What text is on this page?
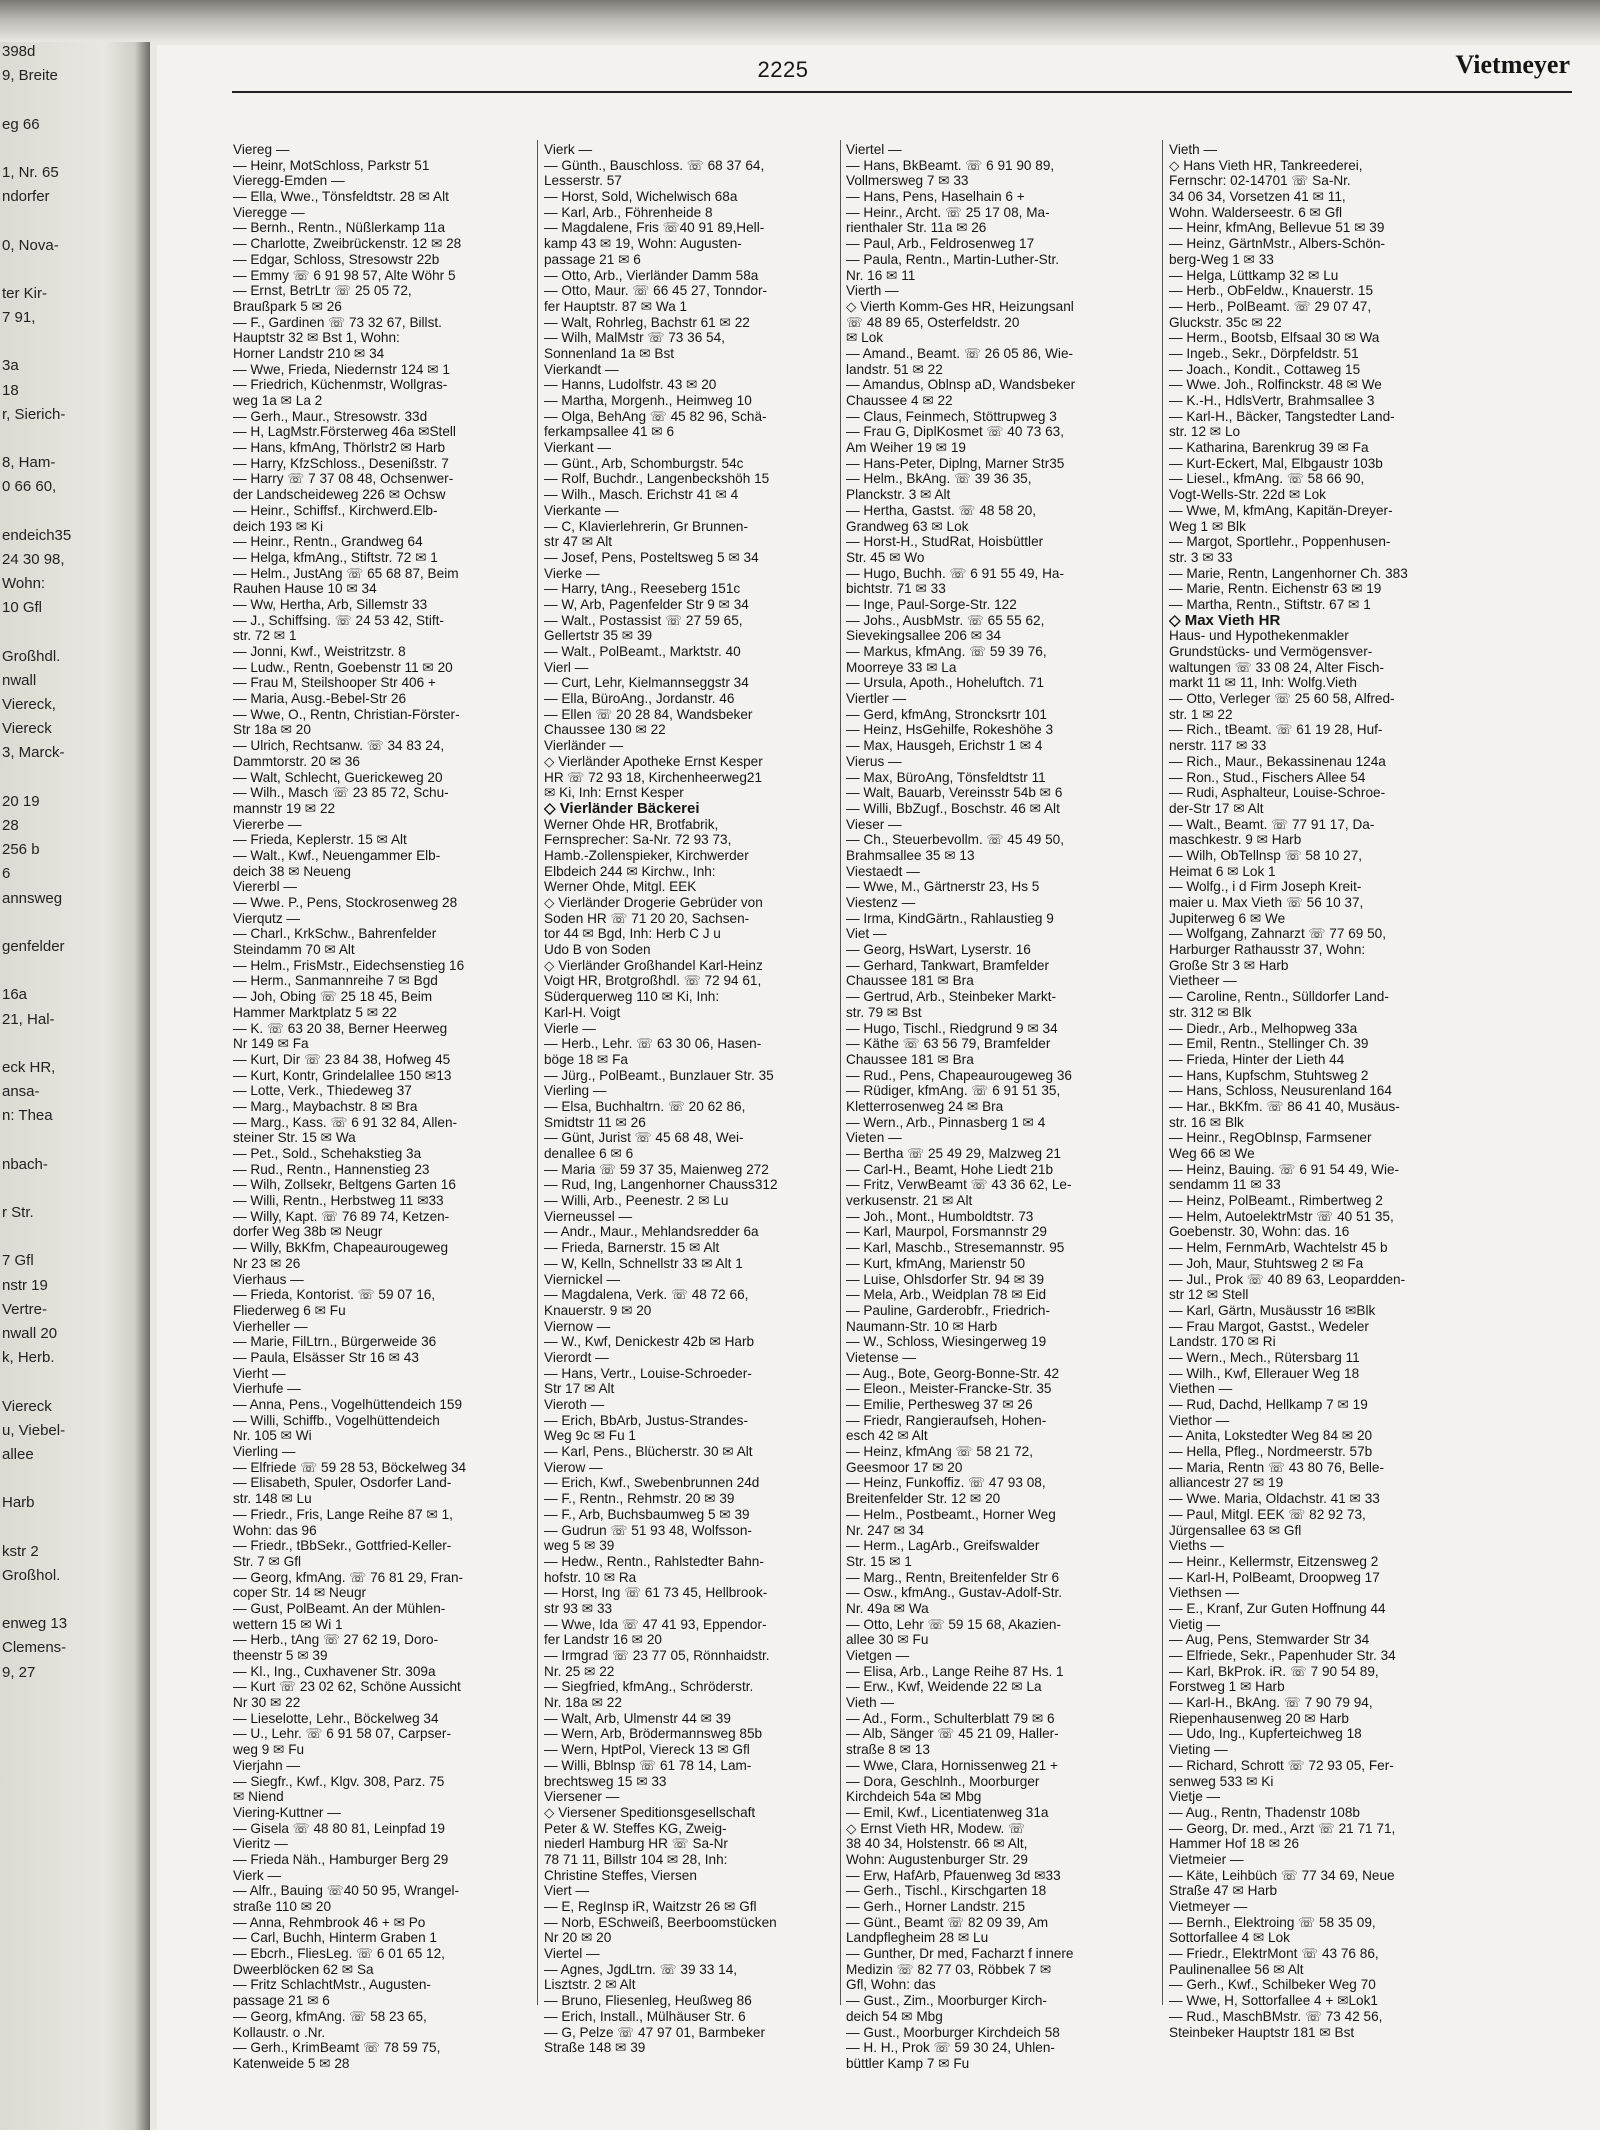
398d
9, Breite
eg 66
1, Nr. 65
ndorfer
0, Nova-
ter Kir-
7 91,
3a
18
r, Sierich-
8, Ham-
0 66 60,
endeich35
24 30 98,
Wohn:
10 Gfl
Großhdl.
nwall
Viereck,
Viereck
3, Marck-
20 19
28
256 b
6
annsweg
genfelder
16a
21, Hal-
eck HR,
ansa-
n: Thea
nbach-
r Str.
7 Gfl
nstr 19
Vertre-
nwall 20
k, Herb.
Viereck
u, Viebel-
allee
Harb
kstr 2
Großhol.
enweg 13
Clemens-
9, 27
2225	Vietmeyer
Viereg —
— Heinr, MotSchloss, Parkstr 51
Vieregg-Emden —
— Ella, Wwe., Tönsfeldtstr. 28 ✉ Alt
Vieregge —
— Bernh., Rentn., Nüßlerkamp 11a
— Charlotte, Zweibrückenstr. 12 ✉ 28
— Edgar, Schloss, Stresowstr 22b
— Emmy ☏ 6 91 98 57, Alte Wöhr 5
— Ernst, BetrLtr ☏ 25 05 72,
Braußpark 5 ✉ 26
— F., Gardinen ☏ 73 32 67, Billst.
Hauptstr 32 ✉ Bst 1, Wohn:
Horner Landstr 210 ✉ 34
— Wwe, Frieda, Niedernstr 124 ✉ 1
— Friedrich, Küchenmstr, Wollgras-
weg 1a ✉ La 2
— Gerh., Maur., Stresowstr. 33d
— H, LagMstr.Försterweg 46a ✉Stell
— Hans, kfmAng, Thörlstr2 ✉ Harb
— Harry, KfzSchloss., Desenißstr. 7
— Harry ☏ 7 37 08 48, Ochsenwer-
der Landscheideweg 226 ✉ Ochsw
— Heinr., Schiffsf., Kirchwerd.Elb-
deich 193 ✉ Ki
— Heinr., Rentn., Grandweg 64
— Helga, kfmAng., Stiftstr. 72 ✉ 1
— Helm., JustAng ☏ 65 68 87, Beim
Rauhen Hause 10 ✉ 34
— Ww, Hertha, Arb, Sillemstr 33
— J., Schiffsing. ☏ 24 53 42, Stift-
str. 72 ✉ 1
— Jonni, Kwf., Weistritzstr. 8
— Ludw., Rentn, Goebenstr 11 ✉ 20
— Frau M, Steilshooper Str 406 +
— Maria, Ausg.-Bebel-Str 26
— Wwe, O., Rentn, Christian-Förster-
Str 18a ✉ 20
— Ulrich, Rechtsanw. ☏ 34 83 24,
Dammtorstr. 20 ✉ 36
— Walt, Schlecht, Guerickeweg 20
— Wilh., Masch ☏ 23 85 72, Schu-
mannstr 19 ✉ 22
Viererbe —
— Frieda, Keplerstr. 15 ✉ Alt
— Walt., Kwf., Neuengammer Elb-
deich 38 ✉ Neueng
Viererbl —
— Wwe. P., Pens, Stockrosenweg 28
Vierqutz —
— Charl., KrkSchw., Bahrenfelder
Steindamm 70 ✉ Alt
— Helm., FrisMstr., Eidechsenstieg 16
— Herm., Sanmannreihe 7 ✉ Bgd
— Joh, Obing ☏ 25 18 45, Beim
Hammer Marktplatz 5 ✉ 22
— K. ☏ 63 20 38, Berner Heerweg
Nr 149 ✉ Fa
— Kurt, Dir ☏ 23 84 38, Hofweg 45
— Kurt, Kontr, Grindelallee 150 ✉13
— Lotte, Verk., Thiedeweg 37
— Marg., Maybachstr. 8 ✉ Bra
— Marg., Kass. ☏ 6 91 32 84, Allen-
steiner Str. 15 ✉ Wa
— Pet., Sold., Schehakstieg 3a
— Rud., Rentn., Hannenstieg 23
— Wilh, Zollsekr, Beltgens Garten 16
— Willi, Rentn., Herbstweg 11 ✉33
— Willy, Kapt. ☏ 76 89 74, Ketzen-
dorfer Weg 38b ✉ Neugr
— Willy, BkKfm, Chapeaurougeweg
Nr 23 ✉ 26
Vierhaus —
— Frieda, Kontorist. ☏ 59 07 16,
Fliederweg 6 ✉ Fu
Vierheller —
— Marie, FilLtrn., Bürgerweide 36
— Paula, Elsässer Str 16 ✉ 43
Vierht —
Vierhufe —
— Anna, Pens., Vogelhüttendeich 159
— Willi, Schiffb., Vogelhüttendeich
Nr. 105 ✉ Wi
Vierling —
— Elfriede ☏ 59 28 53, Böckelweg 34
— Elisabeth, Spuler, Osdorfer Land-
str. 148 ✉ Lu
— Friedr., Fris, Lange Reihe 87 ✉ 1,
Wohn: das 96
— Friedr., tBbSekr., Gottfried-Keller-
Str. 7 ✉ Gfl
— Georg, kfmAng. ☏ 76 81 29, Fran-
coper Str. 14 ✉ Neugr
— Gust, PolBeamt. An der Mühlen-
wettern 15 ✉ Wi 1
— Herb., tAng ☏ 27 62 19, Doro-
theenstr 5 ✉ 39
— Kl., Ing., Cuxhavener Str. 309a
— Kurt ☏ 23 02 62, Schöne Aussicht
Nr 30 ✉ 22
— Lieselotte, Lehr., Böckelweg 34
— U., Lehr. ☏ 6 91 58 07, Carpser-
weg 9 ✉ Fu
Vierjahn —
— Siegfr., Kwf., Klgv. 308, Parz. 75
✉ Niend
Viering-Kuttner —
— Gisela ☏ 48 80 81, Leinpfad 19
Vieritz —
— Frieda Näh., Hamburger Berg 29
Vierk —
— Alfr., Bauing ☏40 50 95, Wrangel-
straße 110 ✉ 20
— Anna, Rehmbrook 46 + ✉ Po
— Carl, Buchh, Hinterm Graben 1
— Ebcrh., FliesLeg. ☏ 6 01 65 12,
Dweerblöcken 62 ✉ Sa
— Fritz SchlachtMstr., Augusten-
passage 21 ✉ 6
— Georg, kfmAng. ☏ 58 23 65,
Kollaustr. o .Nr.
— Gerh., KrimBeamt ☏ 78 59 75,
Katenweide 5 ✉ 28
Vierk —
— Günth., Bauschloss. ☏ 68 37 64,
Lesserstr. 57
— Horst, Sold, Wichelwisch 68a
— Karl, Arb., Föhrenheide 8
— Magdalene, Fris ☏40 91 89,Hell-
kamp 43 ✉ 19, Wohn: Augusten-
passage 21 ✉ 6
— Otto, Arb., Vierländer Damm 58a
— Otto, Maur. ☏ 66 45 27, Tonndor-
fer Hauptstr. 87 ✉ Wa 1
— Walt, Rohrleg, Bachstr 61 ✉ 22
— Wilh, MalMstr ☏ 73 36 54,
Sonnenland 1a ✉ Bst
Vierkandt —
— Hanns, Ludolfstr. 43 ✉ 20
— Martha, Morgenh., Heimweg 10
— Olga, BehAng ☏ 45 82 96, Schä-
ferkampsallee 41 ✉ 6
Vierkant —
— Günt., Arb, Schomburgstr. 54c
— Rolf, Buchdr., Langenbeckshöh 15
— Wilh., Masch. Erichstr 41 ✉ 4
Vierkante —
— C, Klavierlehrerin, Gr Brunnen-
str 47 ✉ Alt
— Josef, Pens, Posteltsweg 5 ✉ 34
Vierke —
— Harry, tAng., Reeseberg 151c
— W, Arb, Pagenfelder Str 9 ✉ 34
— Walt., Postassist ☏ 27 59 65,
Gellertstr 35 ✉ 39
— Walt., PolBeamt., Marktstr. 40
Vierl —
— Curt, Lehr, Kielmannseggstr 34
— Ella, BüroAng., Jordanstr. 46
— Ellen ☏ 20 28 84, Wandsbeker
Chaussee 130 ✉ 22
Vierländer —
◇ Vierländer Apotheke Ernst Kesper
HR ☏ 72 93 18, Kirchenheerweg21
✉ Ki, Inh: Ernst Kesper
◇ Vierländer Bäckerei
Werner Ohde HR, Brotfabrik,
Fernsprecher: Sa-Nr. 72 93 73,
Hamb.-Zollenspieker, Kirchwerder
Elbdeich 244 ✉ Kirchw., Inh:
Werner Ohde, Mitgl. EEK
◇ Vierländer Drogerie Gebrüder von
Soden HR ☏ 71 20 20, Sachsen-
tor 44 ✉ Bgd, Inh: Herb C J u
Udo B von Soden
◇ Vierländer Großhandel Karl-Heinz
Voigt HR, Brotgroßhdl. ☏ 72 94 61,
Süderquerweg 110 ✉ Ki, Inh:
Karl-H. Voigt
Vierle —
— Herb., Lehr. ☏ 63 30 06, Hasen-
böge 18 ✉ Fa
— Jürg., PolBeamt., Bunzlauer Str. 35
Vierling —
— Elsa, Buchhaltrn. ☏ 20 62 86,
Smidtstr 11 ✉ 26
— Günt, Jurist ☏ 45 68 48, Wei-
denallee 6 ✉ 6
— Maria ☏ 59 37 35, Maienweg 272
— Rud, Ing, Langenhorner Chauss312
— Willi, Arb., Peenestr. 2 ✉ Lu
Vierneussel —
— Andr., Maur., Mehlandsredder 6a
— Frieda, Barnerstr. 15 ✉ Alt
— W, Kelln, Schnellstr 33 ✉ Alt 1
Viernickel —
— Magdalena, Verk. ☏ 48 72 66,
Knauerstr. 9 ✉ 20
Viernow —
— W., Kwf, Denickestr 42b ✉ Harb
Vierordt —
— Hans, Vertr., Louise-Schroeder-
Str 17 ✉ Alt
Vieroth —
— Erich, BbArb, Justus-Strandes-
Weg 9c ✉ Fu 1
— Karl, Pens., Blücherstr. 30 ✉ Alt
Vierow —
— Erich, Kwf., Swebenbrunnen 24d
— F., Rentn., Rehmstr. 20 ✉ 39
— F., Arb, Buchsbaumweg 5 ✉ 39
— Gudrun ☏ 51 93 48, Wolfsson-
weg 5 ✉ 39
— Hedw., Rentn., Rahlstedter Bahn-
hofstr. 10 ✉ Ra
— Horst, Ing ☏ 61 73 45, Hellbrook-
str 93 ✉ 33
— Wwe, Ida ☏ 47 41 93, Eppendor-
fer Landstr 16 ✉ 20
— Irmgrad ☏ 23 77 05, Rönnhaidstr.
Nr. 25 ✉ 22
— Siegfried, kfmAng., Schröderstr.
Nr. 18a ✉ 22
— Walt, Arb, Ulmenstr 44 ✉ 39
— Wern, Arb, Brödermannsweg 85b
— Wern, HptPol, Viereck 13 ✉ Gfl
— Willi, Bblnsp ☏ 61 78 14, Lam-
brechtsweg 15 ✉ 33
Viersener —
◇ Viersener Speditionsgesellschaft
Peter & W. Steffes KG, Zweig-
niederl Hamburg HR ☏ Sa-Nr
78 71 11, Billstr 104 ✉ 28, Inh:
Christine Steffes, Viersen
Viert —
— E, RegInsp iR, Waitzstr 26 ✉ Gfl
— Norb, ESchweiß, Beerboomstücken
Nr 20 ✉ 20
Viertel —
— Agnes, JgdLtrn. ☏ 39 33 14,
Lisztstr. 2 ✉ Alt
— Bruno, Fliesenleg, Heußweg 86
— Erich, Install., Mülhäuser Str. 6
— G, Pelze ☏ 47 97 01, Barmbeker
Straße 148 ✉ 39
Viertel —
— Hans, BkBeamt. ☏ 6 91 90 89,
Vollmersweg 7 ✉ 33
— Hans, Pens, Haselhain 6 +
— Heinr., Archt. ☏ 25 17 08, Ma-
rienthaler Str. 11a ✉ 26
— Paul, Arb., Feldrosenweg 17
— Paula, Rentn., Martin-Luther-Str.
Nr. 16 ✉ 11
Vierth —
◇ Vierth Komm-Ges HR, Heizungsanl
☏ 48 89 65, Osterfeldstr. 20
✉ Lok
— Amand., Beamt. ☏ 26 05 86, Wie-
landstr. 51 ✉ 22
— Amandus, Oblnsp aD, Wandsbeker
Chaussee 4 ✉ 22
— Claus, Feinmech, Stöttrupweg 3
— Frau G, DiplKosmet ☏ 40 73 63,
Am Weiher 19 ✉ 19
— Hans-Peter, Diplng, Marner Str35
— Helm., BkAng. ☏ 39 36 35,
Planckstr. 3 ✉ Alt
— Hertha, Gastst. ☏ 48 58 20,
Grandweg 63 ✉ Lok
— Horst-H., StudRat, Hoisbüttler
Str. 45 ✉ Wo
— Hugo, Buchh. ☏ 6 91 55 49, Ha-
bichtstr. 71 ✉ 33
— Inge, Paul-Sorge-Str. 122
— Johs., AusbMstr. ☏ 65 55 62,
Sievekingsallee 206 ✉ 34
— Markus, kfmAng. ☏ 59 39 76,
Moorreye 33 ✉ La
— Ursula, Apoth., Hoheluftch. 71
Viertler —
— Gerd, kfmAng, Stroncksrtr 101
— Heinz, HsGehilfe, Rokeshöhe 3
— Max, Hausgeh, Erichstr 1 ✉ 4
Vierus —
— Max, BüroAng, Tönsfeldtstr 11
— Walt, Bauarb, Vereinsstr 54b ✉ 6
— Willi, BbZugf., Boschstr. 46 ✉ Alt
Vieser —
— Ch., Steuerbevollm. ☏ 45 49 50,
Brahmsallee 35 ✉ 13
Viestaedt —
— Wwe, M., Gärtnerstr 23, Hs 5
Viestenz —
— Irma, KindGärtn., Rahlaustieg 9
Viet —
— Georg, HsWart, Lyserstr. 16
— Gerhard, Tankwart, Bramfelder
Chaussee 181 ✉ Bra
— Gertrud, Arb., Steinbeker Markt-
str. 79 ✉ Bst
— Hugo, Tischl., Riedgrund 9 ✉ 34
— Käthe ☏ 63 56 79, Bramfelder
Chaussee 181 ✉ Bra
— Rud., Pens, Chapeaurougeweg 36
— Rüdiger, kfmAng. ☏ 6 91 51 35,
Kletterrosenweg 24 ✉ Bra
— Wern., Arb., Pinnasberg 1 ✉ 4
Vieten —
— Bertha ☏ 25 49 29, Malzweg 21
— Carl-H., Beamt, Hohe Liedt 21b
— Fritz, VerwBeamt ☏ 43 36 62, Le-
verkusenstr. 21 ✉ Alt
— Joh., Mont., Humboldtstr. 73
— Karl, Maurpol, Forsmannstr 29
— Karl, Maschb., Stresemannstr. 95
— Kurt, kfmAng, Marienstr 50
— Luise, Ohlsdorfer Str. 94 ✉ 39
— Mela, Arb., Weidplan 78 ✉ Eid
— Pauline, Garderobfr., Friedrich-
Naumann-Str. 10 ✉ Harb
— W., Schloss, Wiesingerweg 19
Vietense —
— Aug., Bote, Georg-Bonne-Str. 42
— Eleon., Meister-Francke-Str. 35
— Emilie, Perthesweg 37 ✉ 26
— Friedr, Rangieraufseh, Hohen-
esch 42 ✉ Alt
— Heinz, kfmAng ☏ 58 21 72,
Geesmoor 17 ✉ 20
— Heinz, Funkoffiz. ☏ 47 93 08,
Breitenfelder Str. 12 ✉ 20
— Helm., Postbeamt., Horner Weg
Nr. 247 ✉ 34
— Herm., LagArb., Greifswalder
Str. 15 ✉ 1
— Marg., Rentn, Breitenfelder Str 6
— Osw., kfmAng., Gustav-Adolf-Str.
Nr. 49a ✉ Wa
— Otto, Lehr ☏ 59 15 68, Akazien-
allee 30 ✉ Fu
Vietgen —
— Elisa, Arb., Lange Reihe 87 Hs. 1
— Erw., Kwf, Weidende 22 ✉ La
Vieth —
— Ad., Form., Schulterblatt 79 ✉ 6
— Alb, Sänger ☏ 45 21 09, Haller-
straße 8 ✉ 13
— Wwe, Clara, Hornissenweg 21 +
— Dora, Geschlnh., Moorburger
Kirchdeich 54a ✉ Mbg
— Emil, Kwf., Licentiatenweg 31a
◇ Ernst Vieth HR, Modew. ☏
38 40 34, Holstenstr. 66 ✉ Alt,
Wohn: Augustenburger Str. 29
— Erw, HafArb, Pfauenweg 3d ✉33
— Gerh., Tischl., Kirschgarten 18
— Gerh., Horner Landstr. 215
— Günt., Beamt ☏ 82 09 39, Am
Landpflegheim 28 ✉ Lu
— Gunther, Dr med, Facharzt f innere
Medizin ☏ 82 77 03, Röbbek 7 ✉
Gfl, Wohn: das
— Gust., Zim., Moorburger Kirch-
deich 54 ✉ Mbg
— Gust., Moorburger Kirchdeich 58
— H. H., Prok ☏ 59 30 24, Uhlen-
büttler Kamp 7 ✉ Fu
Vieth —
◇ Hans Vieth HR, Tankreederei,
Fernschr: 02-14701 ☏ Sa-Nr.
34 06 34, Vorsetzen 41 ✉ 11,
Wohn. Walderseestr. 6 ✉ Gfl
— Heinr, kfmAng, Bellevue 51 ✉ 39
— Heinz, GärtnMstr., Albers-Schön-
berg-Weg 1 ✉ 33
— Helga, Lüttkamp 32 ✉ Lu
— Herb., ObFeldw., Knauerstr. 15
— Herb., PolBeamt. ☏ 29 07 47,
Gluckstr. 35c ✉ 22
— Herm., Bootsb, Elfsaal 30 ✉ Wa
— Ingeb., Sekr., Dörpfeldstr. 51
— Joach., Kondit., Cottaweg 15
— Wwe. Joh., Rolfinckstr. 48 ✉ We
— K.-H., HdlsVertr, Brahmsallee 3
— Karl-H., Bäcker, Tangstedter Land-
str. 12 ✉ Lo
— Katharina, Barenkrug 39 ✉ Fa
— Kurt-Eckert, Mal, Elbgaustr 103b
— Liesel., kfmAng. ☏ 58 66 90,
Vogt-Wells-Str. 22d ✉ Lok
— Wwe, M, kfmAng, Kapitän-Dreyer-
Weg 1 ✉ Blk
— Margot, Sportlehr., Poppenhusen-
str. 3 ✉ 33
— Marie, Rentn, Langenhorner Ch. 383
— Marie, Rentn. Eichenstr 63 ✉ 19
— Martha, Rentn., Stiftstr. 67 ✉ 1
◇ Max Vieth HR
Haus- und Hypothekenmakler
Grundstücks- und Vermögensver-
waltungen ☏ 33 08 24, Alter Fisch-
markt 11 ✉ 11, Inh: Wolfg.Vieth
— Otto, Verleger ☏ 25 60 58, Alfred-
str. 1 ✉ 22
— Rich., tBeamt. ☏ 61 19 28, Huf-
nerstr. 117 ✉ 33
— Rich., Maur., Bekassinenau 124a
— Ron., Stud., Fischers Allee 54
— Rudi, Asphalteur, Louise-Schroe-
der-Str 17 ✉ Alt
— Walt., Beamt. ☏ 77 91 17, Da-
maschkestr. 9 ✉ Harb
— Wilh, ObTellnsp ☏ 58 10 27,
Heimat 6 ✉ Lok 1
— Wolfg., i d Firm Joseph Kreit-
maier u. Max Vieth ☏ 56 10 37,
Jupiterweg 6 ✉ We
— Wolfgang, Zahnarzt ☏ 77 69 50,
Harburger Rathausstr 37, Wohn:
Große Str 3 ✉ Harb
Vietheer —
— Caroline, Rentn., Sülldorfer Land-
str. 312 ✉ Blk
— Diedr., Arb., Melhopweg 33a
— Emil, Rentn., Stellinger Ch. 39
— Frieda, Hinter der Lieth 44
— Hans, Kupfschm, Stuhtsweg 2
— Hans, Schloss, Neusurenland 164
— Har., BkKfm. ☏ 86 41 40, Musäus-
str. 16 ✉ Blk
— Heinr., RegObInsp, Farmsener
Weg 66 ✉ We
— Heinz, Bauing. ☏ 6 91 54 49, Wie-
sendamm 11 ✉ 33
— Heinz, PolBeamt., Rimbertweg 2
— Helm, AutoelektrMstr ☏ 40 51 35,
Goebenstr. 30, Wohn: das. 16
— Helm, FernmArb, Wachtelstr 45 b
— Joh, Maur, Stuhtsweg 2 ✉ Fa
— Jul., Prok ☏ 40 89 63, Leopardden-
str 12 ✉ Stell
— Karl, Gärtn, Musäusstr 16 ✉Blk
— Frau Margot, Gastst., Wedeler
Landstr. 170 ✉ Ri
— Wern., Mech., Rütersbarg 11
— Wilh., Kwf, Ellerauer Weg 18
Viethen —
— Rud, Dachd, Hellkamp 7 ✉ 19
Viethor —
— Anita, Lokstedter Weg 84 ✉ 20
— Hella, Pfleg., Nordmeerstr. 57b
— Maria, Rentn ☏ 43 80 76, Belle-
alliancestr 27 ✉ 19
— Wwe. Maria, Oldachstr. 41 ✉ 33
— Paul, Mitgl. EEK ☏ 82 92 73,
Jürgensallee 63 ✉ Gfl
Vieths —
— Heinr., Kellermstr, Eitzensweg 2
— Karl-H, PolBeamt, Droopweg 17
Viethsen —
— E., Kranf, Zur Guten Hoffnung 44
Vietig —
— Aug, Pens, Stemwarder Str 34
— Elfriede, Sekr., Papenhuder Str. 34
— Karl, BkProk. iR. ☏ 7 90 54 89,
Forstweg 1 ✉ Harb
— Karl-H., BkAng. ☏ 7 90 79 94,
Riepenhausenweg 20 ✉ Harb
— Udo, Ing., Kupferteichweg 18
Vieting —
— Richard, Schrott ☏ 72 93 05, Fer-
senweg 533 ✉ Ki
Vietje —
— Aug., Rentn, Thadenstr 108b
— Georg, Dr. med., Arzt ☏ 21 71 71,
Hammer Hof 18 ✉ 26
Vietmeier —
— Käte, Leihbüch ☏ 77 34 69, Neue
Straße 47 ✉ Harb
Vietmeyer —
— Bernh., Elektroing ☏ 58 35 09,
Sottorfallee 4 ✉ Lok
— Friedr., ElektrMont ☏ 43 76 86,
Paulinenallee 56 ✉ Alt
— Gerh., Kwf., Schilbeker Weg 70
— Wwe, H, Sottorfallee 4 + ✉Lok1
— Rud., MaschBMstr. ☏ 73 42 56,
Steinbeker Hauptstr 181 ✉ Bst
